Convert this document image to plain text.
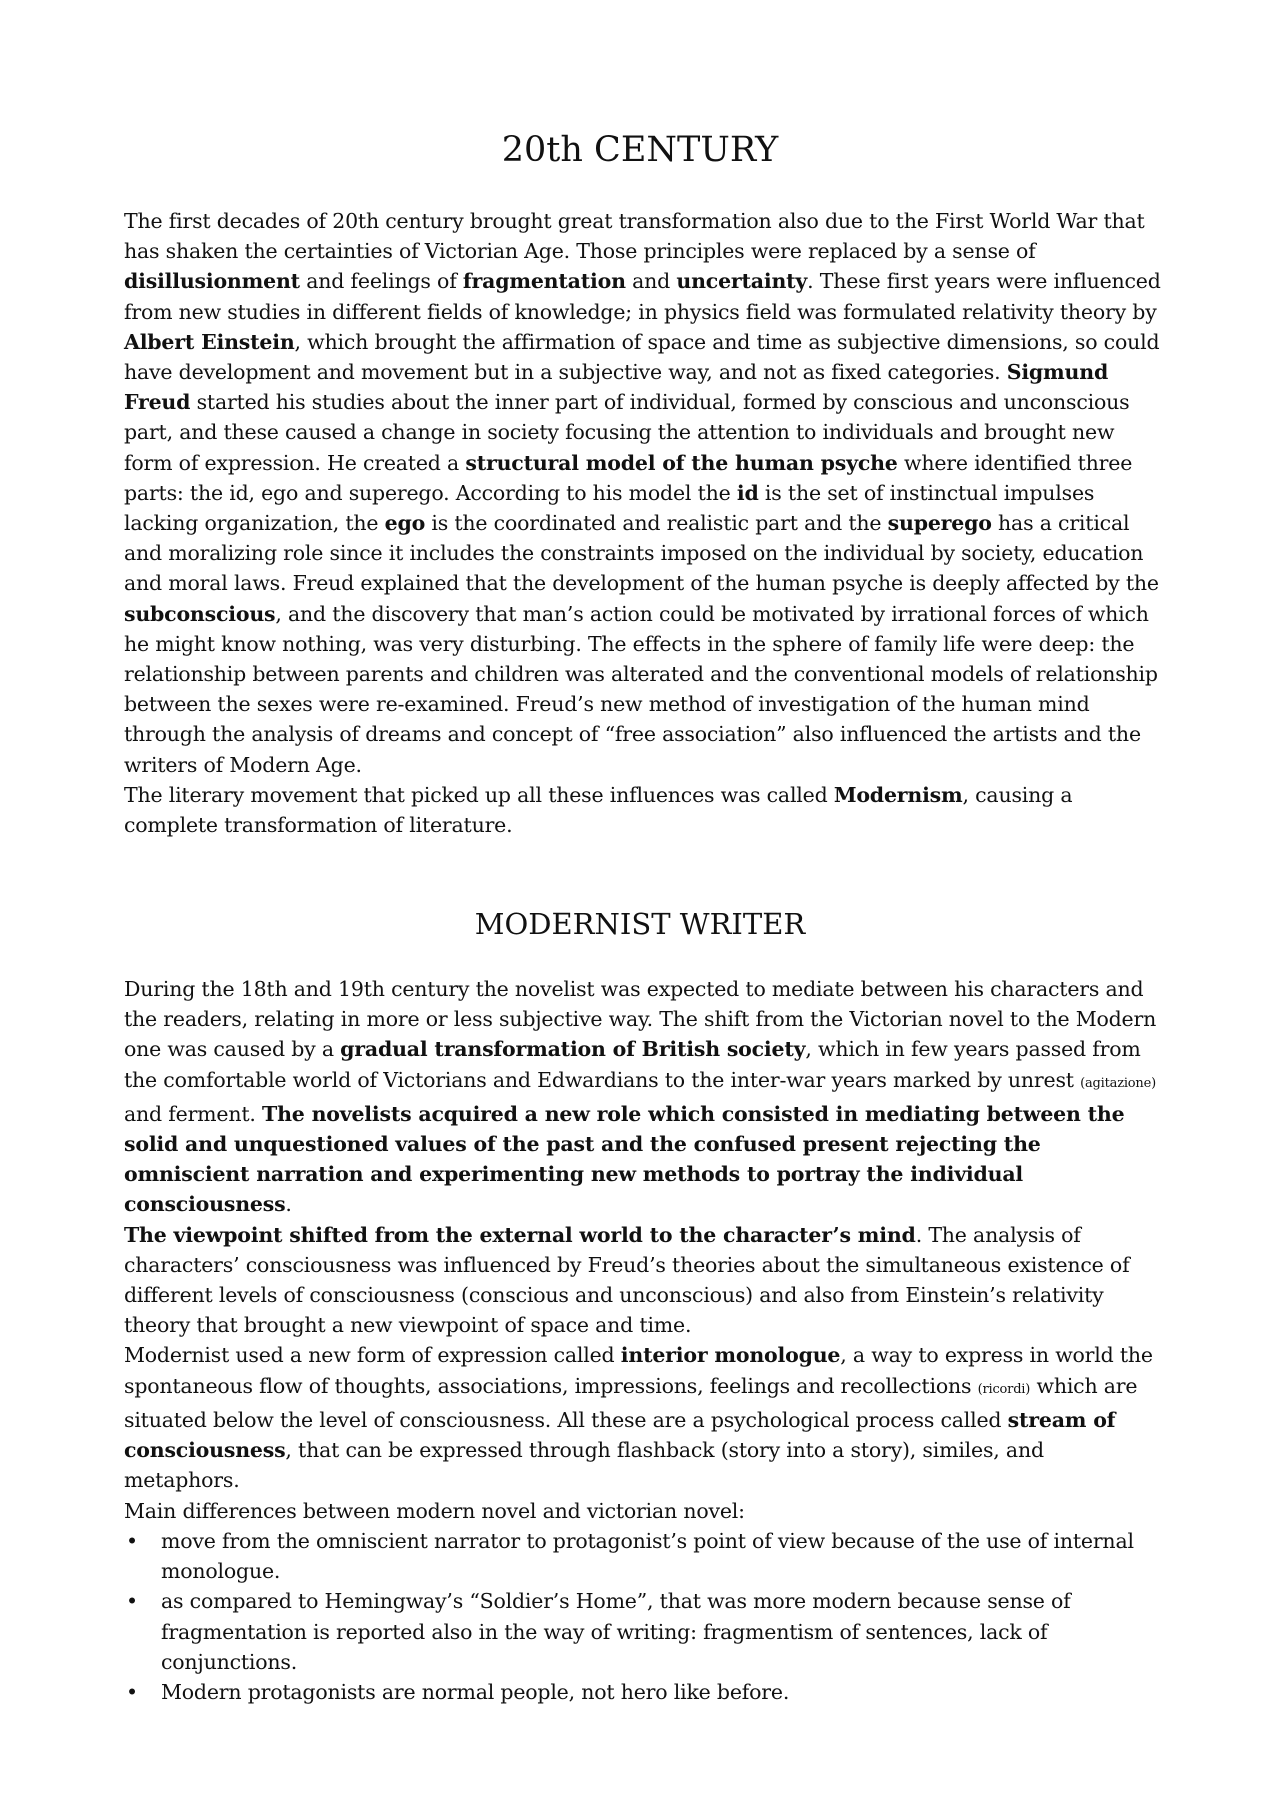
20th CENTURY

The first decades of 20th century brought great transformation also due to the First World War that has shaken the certainties of Victorian Age. Those principles were replaced by a sense of disillusionment and feelings of fragmentation and uncertainty. These first years were influenced from new studies in different fields of knowledge; in physics field was formulated relativity theory by Albert Einstein, which brought the affirmation of space and time as subjective dimensions, so could have development and movement but in a subjective way, and not as fixed categories. Sigmund Freud started his studies about the inner part of individual, formed by conscious and unconscious part, and these caused a change in society focusing the attention to individuals and brought new form of expression. He created a structural model of the human psyche where identified three parts: the id, ego and superego. According to his model the id is the set of instinctual impulses lacking organization, the ego is the coordinated and realistic part and the superego has a critical and moralizing role since it includes the constraints imposed on the individual by society, education and moral laws. Freud explained that the development of the human psyche is deeply affected by the subconscious, and the discovery that man’s action could be motivated by irrational forces of which he might know nothing, was very disturbing. The effects in the sphere of family life were deep: the relationship between parents and children was alterated and the conventional models of relationship between the sexes were re-examined. Freud’s new method of investigation of the human mind through the analysis of dreams and concept of “free association” also influenced the artists and the writers of Modern Age.

The literary movement that picked up all these influences was called Modernism, causing a complete transformation of literature.

MODERNIST WRITER

During the 18th and 19th century the novelist was expected to mediate between his characters and the readers, relating in more or less subjective way. The shift from the Victorian novel to the Modern one was caused by a gradual transformation of British society, which in few years passed from the comfortable world of Victorians and Edwardians to the inter-war years marked by unrest (agitazione) and ferment. The novelists acquired a new role which consisted in mediating between the solid and unquestioned values of the past and the confused present rejecting the omniscient narration and experimenting new methods to portray the individual consciousness.

The viewpoint shifted from the external world to the character’s mind. The analysis of characters’ consciousness was influenced by Freud’s theories about the simultaneous existence of different levels of consciousness (conscious and unconscious) and also from Einstein’s relativity theory that brought a new viewpoint of space and time.

Modernist used a new form of expression called interior monologue, a way to express in world the spontaneous flow of thoughts, associations, impressions, feelings and recollections (ricordi) which are situated below the level of consciousness. All these are a psychological process called stream of consciousness, that can be expressed through flashback (story into a story), similes, and metaphors.

Main differences between modern novel and victorian novel:

• move from the omniscient narrator to protagonist’s point of view because of the use of internal monologue.
• as compared to Hemingway’s “Soldier’s Home”, that was more modern because sense of fragmentation is reported also in the way of writing: fragmentism of sentences, lack of conjunctions.
• Modern protagonists are normal people, not hero like before.
